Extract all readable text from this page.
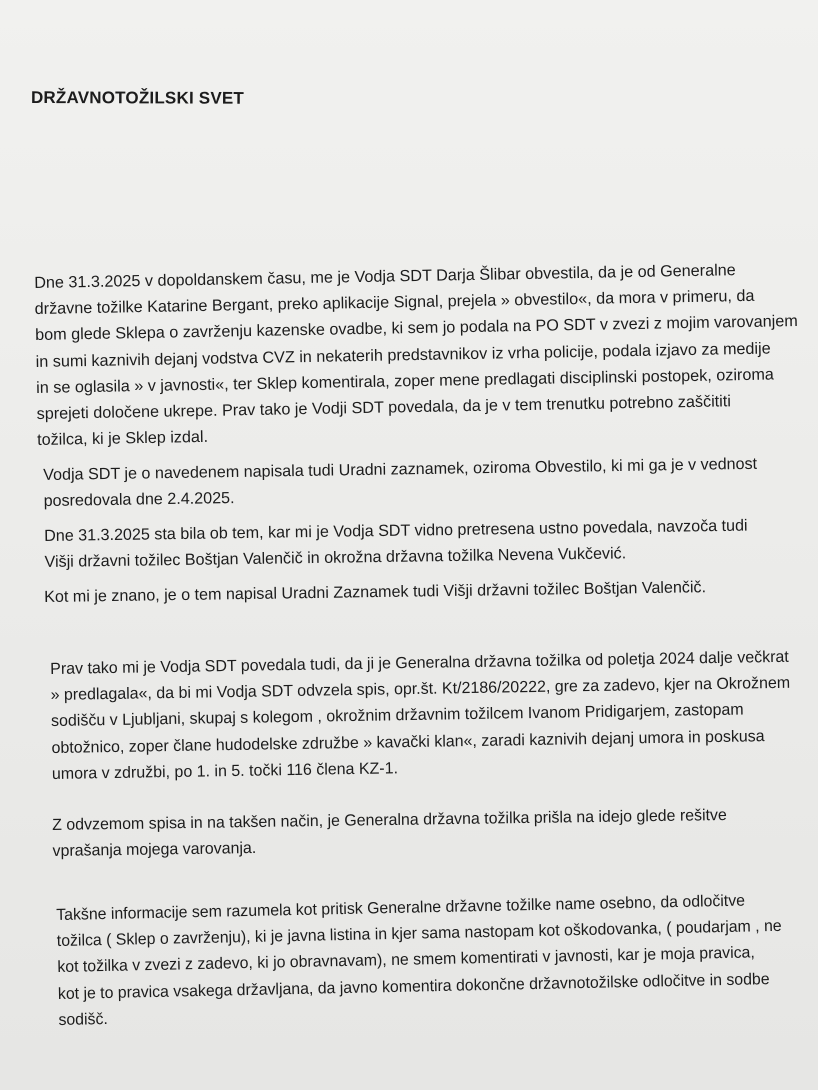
DRŽAVNOTOŽILSKI SVET
Dne 31.3.2025 v dopoldanskem času, me je Vodja SDT Darja Šlibar obvestila, da je od Generalne
državne tožilke Katarine Bergant, preko aplikacije Signal, prejela » obvestilo«, da mora v primeru, da
bom glede Sklepa o zavrženju kazenske ovadbe, ki sem jo podala na PO SDT v zvezi z mojim varovanjem
in sumi kaznivih dejanj vodstva CVZ in nekaterih predstavnikov iz vrha policije, podala izjavo za medije
in se oglasila » v javnosti«, ter Sklep komentirala, zoper mene predlagati disciplinski postopek, oziroma
sprejeti določene ukrepe. Prav tako je Vodji SDT povedala, da je v tem trenutku potrebno zaščititi
tožilca, ki je Sklep izdal.
Vodja SDT je o navedenem napisala tudi Uradni zaznamek, oziroma Obvestilo, ki mi ga je v vednost
posredovala dne 2.4.2025.
Dne 31.3.2025 sta bila ob tem, kar mi je Vodja SDT vidno pretresena ustno povedala, navzoča tudi
Višji državni tožilec Boštjan Valenčič in okrožna državna tožilka Nevena Vukčević.
Kot mi je znano, je o tem napisal Uradni Zaznamek tudi Višji državni tožilec Boštjan Valenčič.
Prav tako mi je Vodja SDT povedala tudi, da ji je Generalna državna tožilka od poletja 2024 dalje večkrat
» predlagala«, da bi mi Vodja SDT odvzela spis, opr.št. Kt/2186/20222, gre za zadevo, kjer na Okrožnem
sodišču v Ljubljani, skupaj s kolegom , okrožnim državnim tožilcem Ivanom Pridigarjem, zastopam
obtožnico, zoper člane hudodelske združbe » kavački klan«, zaradi kaznivih dejanj umora in poskusa
umora v združbi, po 1. in 5. točki 116 člena KZ-1.
Z odvzemom spisa in na takšen način, je Generalna državna tožilka prišla na idejo glede rešitve
vprašanja mojega varovanja.
Takšne informacije sem razumela kot pritisk Generalne državne tožilke name osebno, da odločitve
tožilca ( Sklep o zavrženju), ki je javna listina in kjer sama nastopam kot oškodovanka, ( poudarjam , ne
kot tožilka v zvezi z zadevo, ki jo obravnavam), ne smem komentirati v javnosti, kar je moja pravica,
kot je to pravica vsakega državljana, da javno komentira dokončne državnotožilske odločitve in sodbe
sodišč.
